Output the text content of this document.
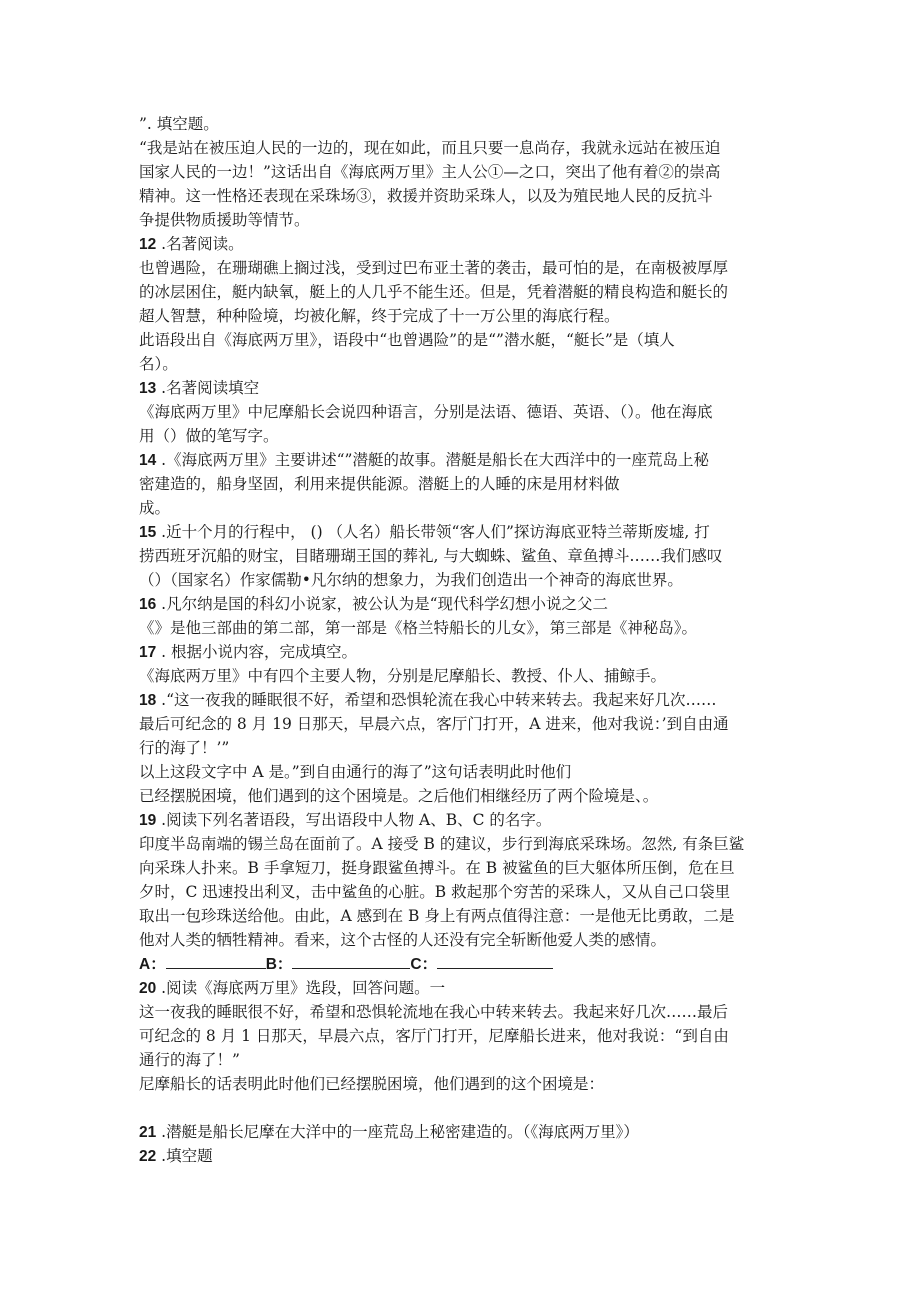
”. 填空题。
“我是站在被压迫人民的一边的，现在如此，而且只要一息尚存，我就永远站在被压迫
国家人民的一边！”这话出自《海底两万里》主人公①—之口，突出了他有着②的崇高
精神。这一性格还表现在采珠场③，救援并资助采珠人，以及为殖民地人民的反抗斗
争提供物质援助等情节。
12 .名著阅读。
也曾遇险，在珊瑚礁上搁过浅，受到过巴布亚土著的袭击，最可怕的是，在南极被厚厚
的冰层困住，艇内缺氧，艇上的人几乎不能生还。但是，凭着潜艇的精良构造和艇长的
超人智慧，种种险境，均被化解，终于完成了十一万公里的海底行程。
此语段出自《海底两万里》，语段中“也曾遇险”的是“”潜水艇，“艇长”是（填人
名）。
13 .名著阅读填空
《海底两万里》中尼摩船长会说四种语言，分别是法语、德语、英语、（）。他在海底
用（）做的笔写字。
14 .《海底两万里》主要讲述“”潜艇的故事。潜艇是船长在大西洋中的一座荒岛上秘
密建造的，船身坚固，利用来提供能源。潜艇上的人睡的床是用材料做
成。
15 .近十个月的行程中， () （人名）船长带领“客人们”探访海底亚特兰蒂斯废墟, 打
捞西班牙沉船的财宝，目睹珊瑚王国的葬礼, 与大蜘蛛、鲨鱼、章鱼搏斗……我们感叹
（）（国家名）作家儒勒•凡尔纳的想象力，为我们创造出一个神奇的海底世界。
16 .凡尔纳是国的科幻小说家，被公认为是“现代科学幻想小说之父二
《》是他三部曲的第二部，第一部是《格兰特船长的儿女》，第三部是《神秘岛》。
17 . 根据小说内容，完成填空。
《海底两万里》中有四个主要人物，分别是尼摩船长、教授、仆人、捕鲸手。
18 .“这一夜我的睡眠很不好，希望和恐惧轮流在我心中转来转去。我起来好几次……
最后可纪念的 8 月 19 日那天，早晨六点，客厅门打开，A 进来，他对我说：’到自由通
行的海了！’”
以上这段文字中 A 是。”到自由通行的海了”这句话表明此时他们
已经摆脱困境，他们遇到的这个困境是。之后他们相继经历了两个险境是、。
19 .阅读下列名著语段，写出语段中人物 A、B、C 的名字。
印度半岛南端的锡兰岛在面前了。A 接受 B 的建议，步行到海底采珠场。忽然, 有条巨鲨
向采珠人扑来。B 手拿短刀，挺身跟鲨鱼搏斗。在 B 被鲨鱼的巨大躯体所压倒，危在旦
夕时，C 迅速投出利叉，击中鲨鱼的心脏。B 救起那个穷苦的采珠人，又从自己口袋里
取出一包珍珠送给他。由此，A 感到在 B 身上有两点值得注意：一是他无比勇敢，二是
他对人类的牺牲精神。看来，这个古怪的人还没有完全斩断他爱人类的感情。
A：	B：	C：
20 .阅读《海底两万里》选段，回答问题。一
这一夜我的睡眠很不好，希望和恐惧轮流地在我心中转来转去。我起来好几次……最后
可纪念的 8 月 1 日那天，早晨六点，客厅门打开，尼摩船长进来，他对我说：“到自由
通行的海了！”
尼摩船长的话表明此时他们已经摆脱困境，他们遇到的这个困境是：
21 .潜艇是船长尼摩在大洋中的一座荒岛上秘密建造的。（《海底两万里》）
22 .填空题
